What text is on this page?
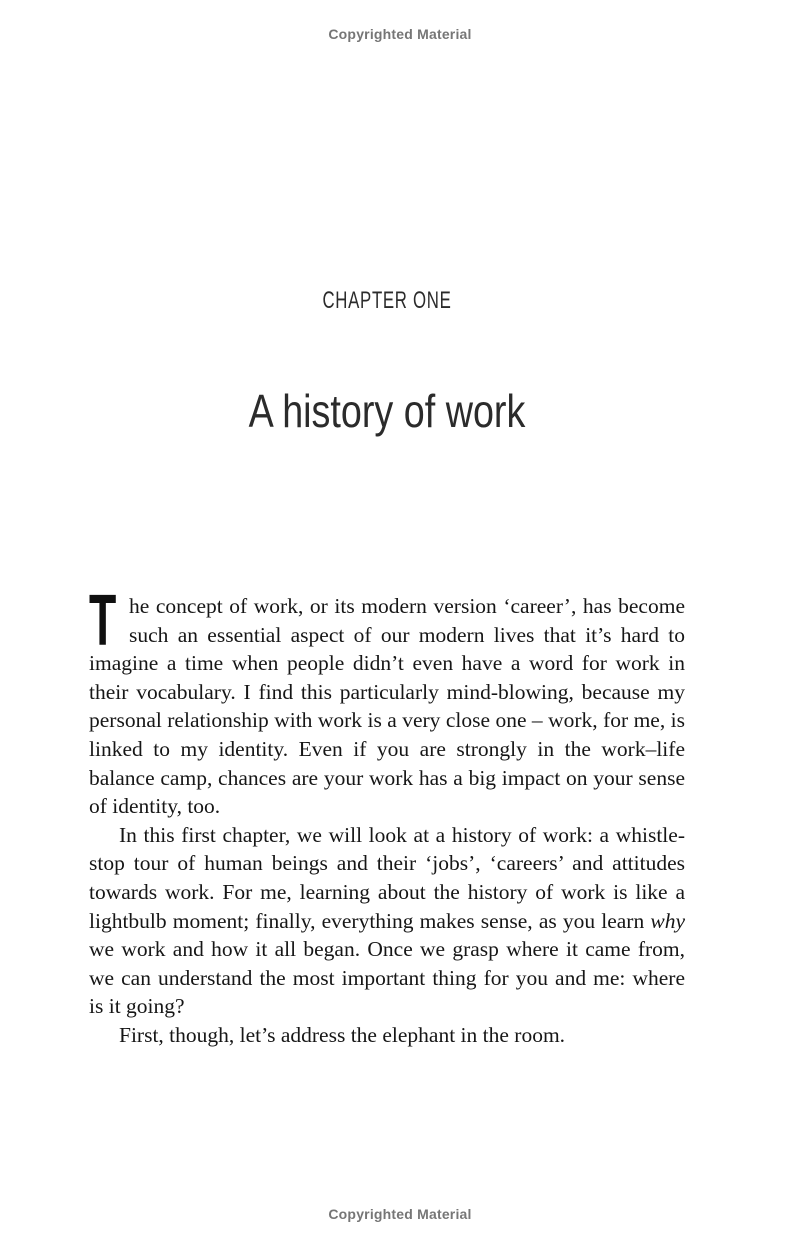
Copyrighted Material
CHAPTER ONE
A history of work

The concept of work, or its modern version ‘career’, has become such an essential aspect of our modern lives that it’s hard to imagine a time when people didn’t even have a word for work in their vocabulary. I find this particularly mind-blowing, because my personal relationship with work is a very close one – work, for me, is linked to my identity. Even if you are strongly in the work–life balance camp, chances are your work has a big impact on your sense of identity, too.

In this first chapter, we will look at a history of work: a whistle-stop tour of human beings and their ‘jobs’, ‘careers’ and attitudes towards work. For me, learning about the history of work is like a lightbulb moment; finally, everything makes sense, as you learn why we work and how it all began. Once we grasp where it came from, we can understand the most important thing for you and me: where is it going?

First, though, let’s address the elephant in the room.

Copyrighted Material
